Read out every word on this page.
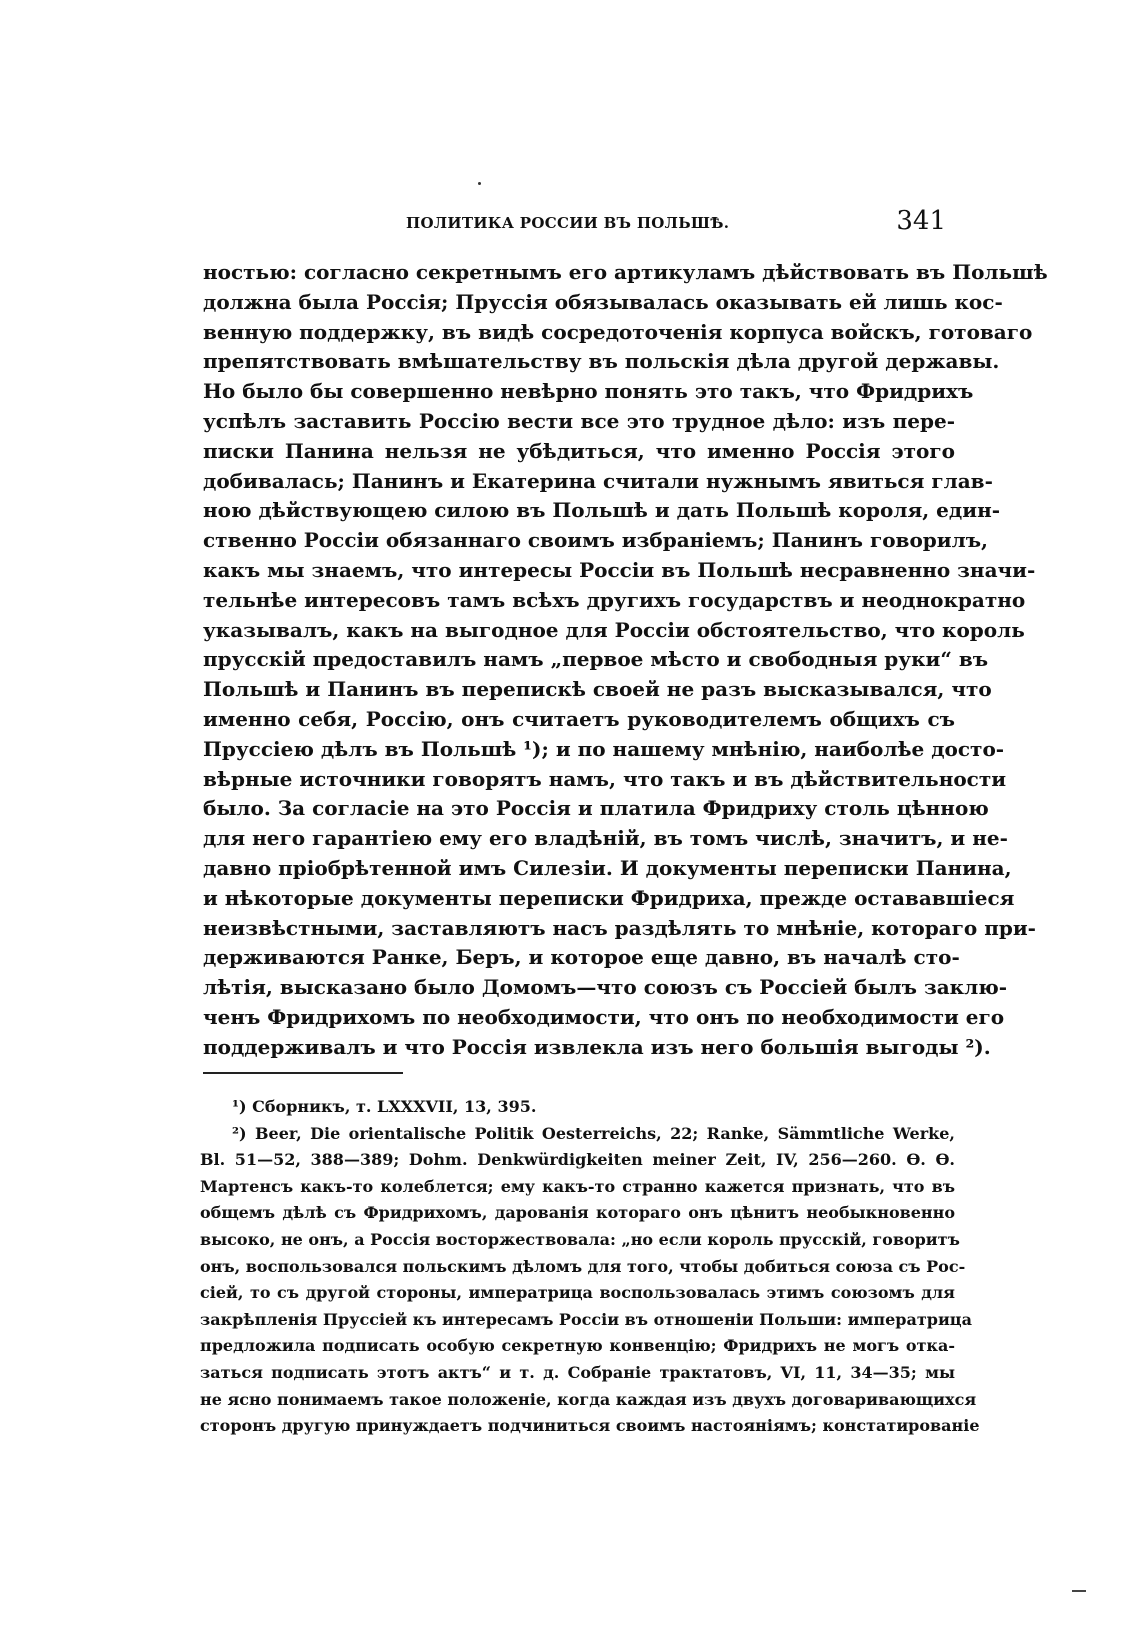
ПОЛИТИКА РОССИИ ВЪ ПОЛЬШѢ.	341
ностью: согласно секретнымъ его артикуламъ дѣйствовать въ Польшѣ
должна была Россія; Пруссія обязывалась оказывать ей лишь кос-
венную поддержку, въ видѣ сосредоточенія корпуса войскъ, готоваго
препятствовать вмѣшательству въ польскія дѣла другой державы.
Но было бы совершенно невѣрно понять это такъ, что Фридрихъ
успѣлъ заставить Россію вести все это трудное дѣло: изъ пере-
писки Панина нельзя не убѣдиться, что именно Россія этого
добивалась; Панинъ и Екатерина считали нужнымъ явиться глав-
ною дѣйствующею силою въ Польшѣ и дать Польшѣ короля, един-
ственно Россіи обязаннаго своимъ избраніемъ; Панинъ говорилъ,
какъ мы знаемъ, что интересы Россіи въ Польшѣ несравненно значи-
тельнѣе интересовъ тамъ всѣхъ другихъ государствъ и неоднократно
указывалъ, какъ на выгодное для Россіи обстоятельство, что король
прусскій предоставилъ намъ „первое мѣсто и свободныя руки“ въ
Польшѣ и Панинъ въ перепискѣ своей не разъ высказывался, что
именно себя, Россію, онъ считаетъ руководителемъ общихъ съ
Пруссіею дѣлъ въ Польшѣ ¹); и по нашему мнѣнію, наиболѣе досто-
вѣрные источники говорятъ намъ, что такъ и въ дѣйствительности
было. За согласіе на это Россія и платила Фридриху столь цѣнною
для него гарантіею ему его владѣній, въ томъ числѣ, значитъ, и не-
давно пріобрѣтенной имъ Силезіи. И документы переписки Панина,
и нѣкоторые документы переписки Фридриха, прежде остававшіеся
неизвѣстными, заставляютъ насъ раздѣлять то мнѣніе, котораго при-
держиваются Ранке, Беръ, и которое еще давно, въ началѣ сто-
лѣтія, высказано было Домомъ—что союзъ съ Россіей былъ заклю-
ченъ Фридрихомъ по необходимости, что онъ по необходимости его
поддерживалъ и что Россія извлекла изъ него большія выгоды ²).
¹) Сборникъ, т. LXXXVII, 13, 395.
²) Beer, Die orientalische Politik Oesterreichs, 22; Ranke, Sämmtliche Werke,
Bl. 51—52, 388—389; Dohm. Denkwürdigkeiten meiner Zeit, IV, 256—260. Ѳ. Ѳ.
Мартенсъ какъ-то колеблется; ему какъ-то странно кажется признать, что въ
общемъ дѣлѣ съ Фридрихомъ, дарованія котораго онъ цѣнитъ необыкновенно
высоко, не онъ, а Россія восторжествовала: „но если король прусскій, говоритъ
онъ, воспользовался польскимъ дѣломъ для того, чтобы добиться союза съ Рос-
сіей, то съ другой стороны, императрица воспользовалась этимъ союзомъ для
закрѣпленія Пруссіей къ интересамъ Россіи въ отношеніи Польши: императрица
предложила подписать особую секретную конвенцію; Фридрихъ не могъ отка-
заться подписать этотъ актъ“ и т. д. Собраніе трактатовъ, VI, 11, 34—35; мы
не ясно понимаемъ такое положеніе, когда каждая изъ двухъ договаривающихся
сторонъ другую принуждаетъ подчиниться своимъ настояніямъ; констатированіе
